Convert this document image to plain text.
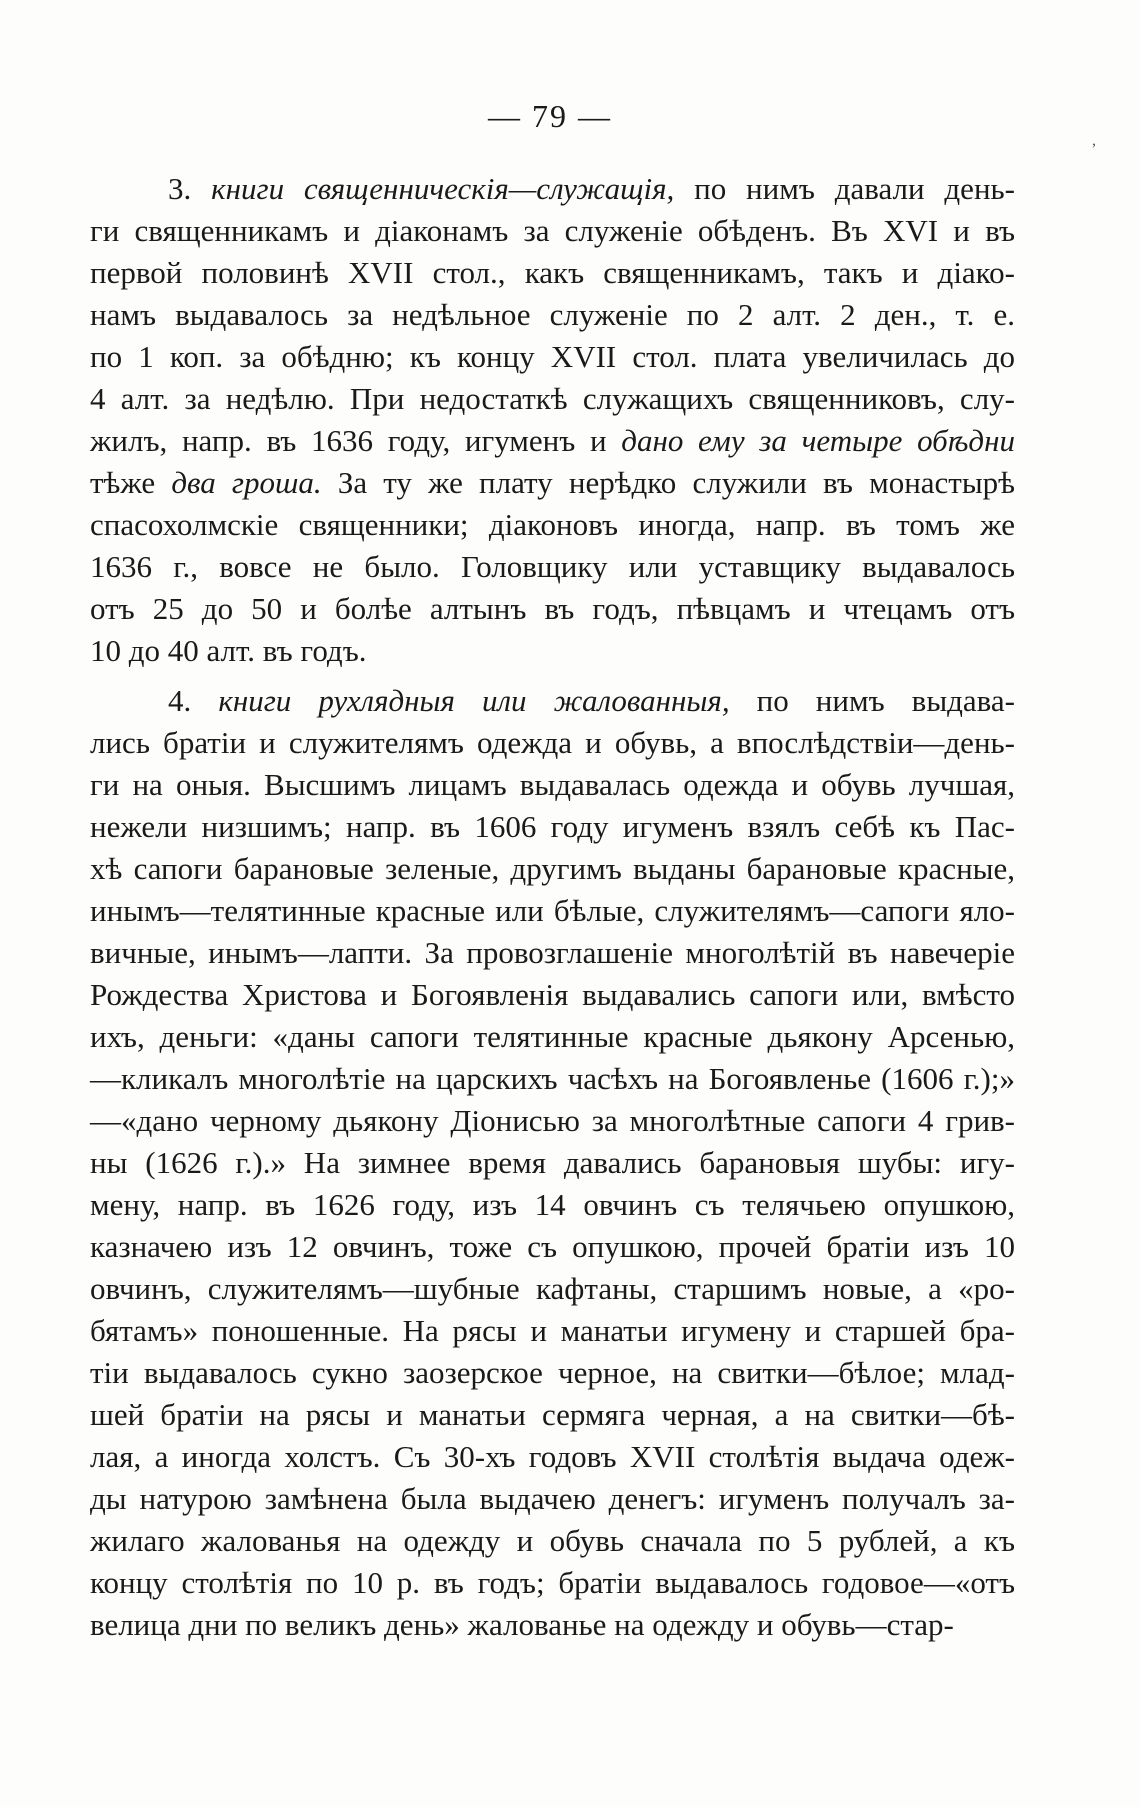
— 79 —
,
3. книги священническія—служащія, по нимъ давали день-
ги священникамъ и діаконамъ за служеніе обѣденъ. Въ XVI и въ
первой половинѣ XVII стол., какъ священникамъ, такъ и діако-
намъ выдавалось за недѣльное служеніе по 2 алт. 2 ден., т. е.
по 1 коп. за обѣдню; къ концу XVII стол. плата увеличилась до
4 алт. за недѣлю. При недостаткѣ служащихъ священниковъ, слу-
жилъ, напр. въ 1636 году, игуменъ и дано ему за четыре обѣдни
тѣже два гроша. За ту же плату нерѣдко служили въ монастырѣ
спасохолмскіе священники; діаконовъ иногда, напр. въ томъ же
1636 г., вовсе не было. Головщику или уставщику выдавалось
отъ 25 до 50 и болѣе алтынъ въ годъ, пѣвцамъ и чтецамъ отъ
10 до 40 алт. въ годъ.
4. книги рухлядныя или жалованныя, по нимъ выдава-
лись братіи и служителямъ одежда и обувь, а впослѣдствіи—день-
ги на оныя. Высшимъ лицамъ выдавалась одежда и обувь лучшая,
нежели низшимъ; напр. въ 1606 году игуменъ взялъ себѣ къ Пас-
хѣ сапоги барановые зеленые, другимъ выданы барановые красные,
инымъ—телятинные красные или бѣлые, служителямъ—сапоги яло-
вичные, инымъ—лапти. За провозглашеніе многолѣтій въ навечеріе
Рождества Христова и Богоявленія выдавались сапоги или, вмѣсто
ихъ, деньги: «даны сапоги телятинные красные дьякону Арсенью,
—кликалъ многолѣтіе на царскихъ часѣхъ на Богоявленье (1606 г.);»
—«дано черному дьякону Діонисью за многолѣтные сапоги 4 грив-
ны (1626 г.).» На зимнее время давались барановыя шубы: игу-
мену, напр. въ 1626 году, изъ 14 овчинъ съ телячьею опушкою,
казначею изъ 12 овчинъ, тоже съ опушкою, прочей братіи изъ 10
овчинъ, служителямъ—шубные кафтаны, старшимъ новые, а «ро-
бятамъ» поношенные. На рясы и манатьи игумену и старшей бра-
тіи выдавалось сукно заозерское черное, на свитки—бѣлое; млад-
шей братіи на рясы и манатьи сермяга черная, а на свитки—бѣ-
лая, а иногда холстъ. Съ 30-хъ годовъ XVII столѣтія выдача одеж-
ды натурою замѣнена была выдачею денегъ: игуменъ получалъ за-
жилаго жалованья на одежду и обувь сначала по 5 рублей, а къ
концу столѣтія по 10 р. въ годъ; братіи выдавалось годовое—«отъ
велица дни по великъ день» жалованье на одежду и обувь—стар-
